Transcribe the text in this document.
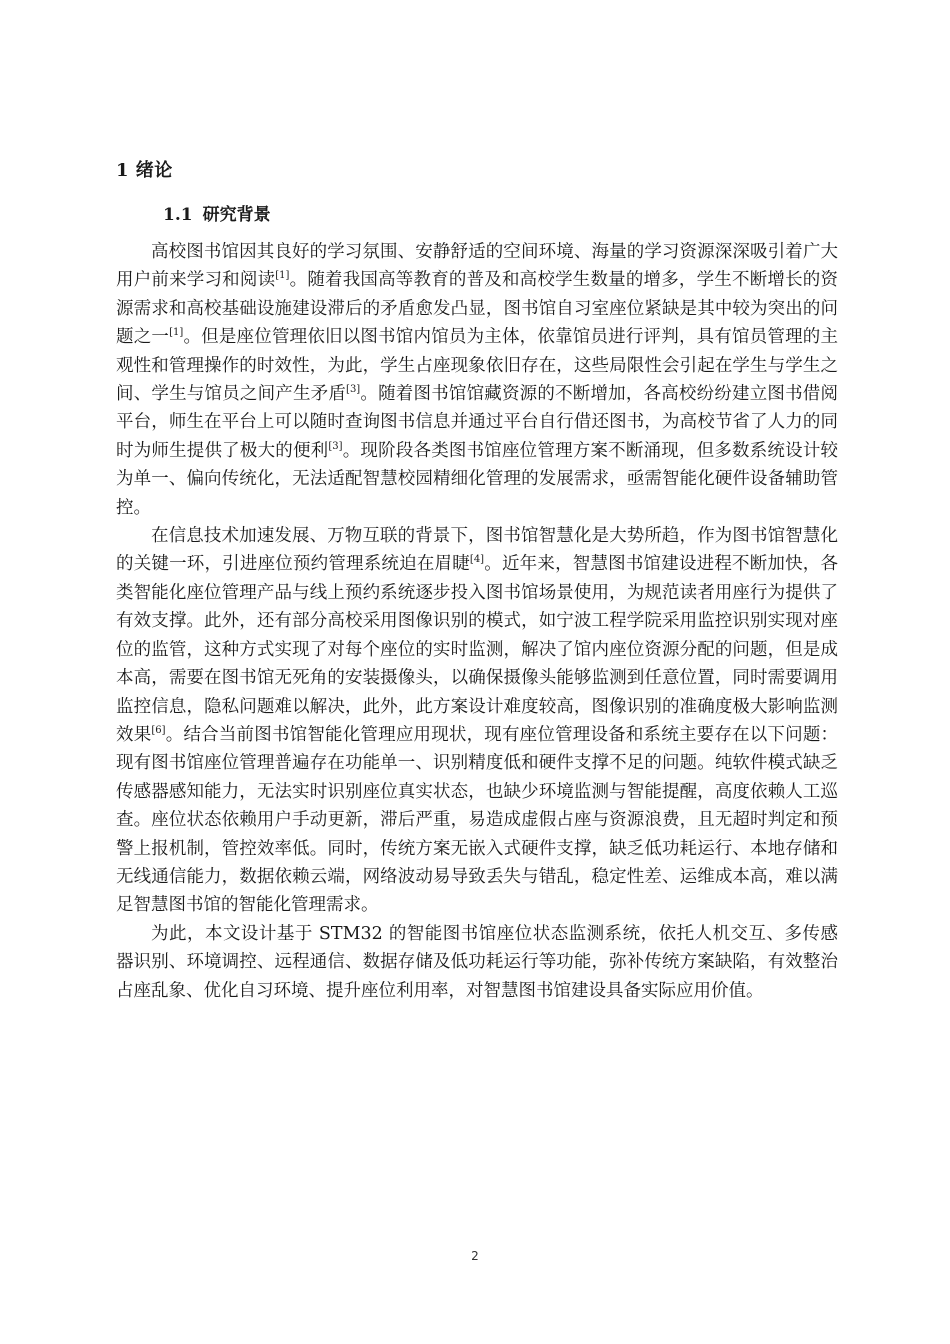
1 绪论
1.1 研究背景

高校图书馆因其良好的学习氛围、安静舒适的空间环境、海量的学习资源深深吸引着广大用户前来学习和阅读[1]。随着我国高等教育的普及和高校学生数量的增多，学生不断增长的资源需求和高校基础设施建设滞后的矛盾愈发凸显，图书馆自习室座位紧缺是其中较为突出的问题之一[1]。但是座位管理依旧以图书馆内馆员为主体，依靠馆员进行评判，具有馆员管理的主观性和管理操作的时效性，为此，学生占座现象依旧存在，这些局限性会引起在学生与学生之间、学生与馆员之间产生矛盾[3]。随着图书馆馆藏资源的不断增加，各高校纷纷建立图书借阅平台，师生在平台上可以随时查询图书信息并通过平台自行借还图书，为高校节省了人力的同时为师生提供了极大的便利[3]。现阶段各类图书馆座位管理方案不断涌现，但多数系统设计较为单一、偏向传统化，无法适配智慧校园精细化管理的发展需求，亟需智能化硬件设备辅助管控。

在信息技术加速发展、万物互联的背景下，图书馆智慧化是大势所趋，作为图书馆智慧化的关键一环，引进座位预约管理系统迫在眉睫[4]。近年来，智慧图书馆建设进程不断加快，各类智能化座位管理产品与线上预约系统逐步投入图书馆场景使用，为规范读者用座行为提供了有效支撑。此外，还有部分高校采用图像识别的模式，如宁波工程学院采用监控识别实现对座位的监管，这种方式实现了对每个座位的实时监测，解决了馆内座位资源分配的问题，但是成本高，需要在图书馆无死角的安装摄像头，以确保摄像头能够监测到任意位置，同时需要调用监控信息，隐私问题难以解决，此外，此方案设计难度较高，图像识别的准确度极大影响监测效果[6]。结合当前图书馆智能化管理应用现状，现有座位管理设备和系统主要存在以下问题：现有图书馆座位管理普遍存在功能单一、识别精度低和硬件支撑不足的问题。纯软件模式缺乏传感器感知能力，无法实时识别座位真实状态，也缺少环境监测与智能提醒，高度依赖人工巡查。座位状态依赖用户手动更新，滞后严重，易造成虚假占座与资源浪费，且无超时判定和预警上报机制，管控效率低。同时，传统方案无嵌入式硬件支撑，缺乏低功耗运行、本地存储和无线通信能力，数据依赖云端，网络波动易导致丢失与错乱，稳定性差、运维成本高，难以满足智慧图书馆的智能化管理需求。

为此，本文设计基于 STM32 的智能图书馆座位状态监测系统，依托人机交互、多传感器识别、环境调控、远程通信、数据存储及低功耗运行等功能，弥补传统方案缺陷，有效整治占座乱象、优化自习环境、提升座位利用率，对智慧图书馆建设具备实际应用价值。

2
